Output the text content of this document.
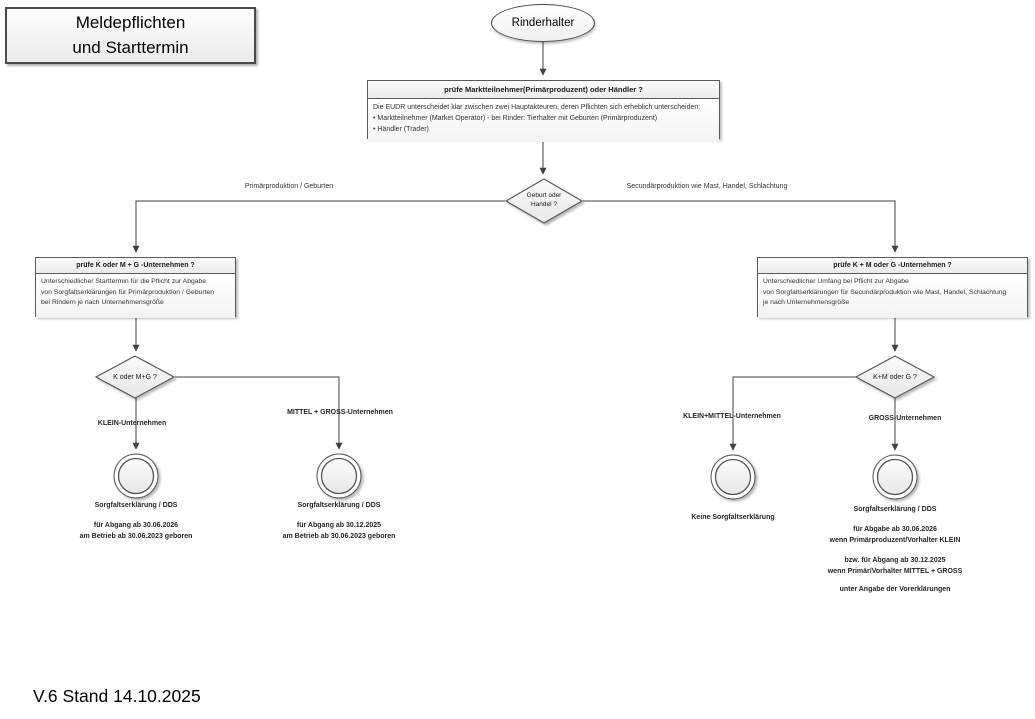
Meldepflichten
und Starttermin
Rinderhalter
prüfe Marktteilnehmer(Primärproduzent) oder Händler ?
Die EUDR unterscheidet klar zwischen zwei Hauptakteuren, deren Pflichten sich erheblich unterscheiden:
• Marktteilnehmer (Market Operator) - bei Rinder: Tierhalter mit Geburten (Primärproduzent)
• Händler (Trader)
Geburt oder
Handel ?
Primärproduktion / Geburten	Secundärproduktion wie Mast, Handel, Schlachtung
prüfe K oder M + G -Unternehmen ?
Unterschiedlicher Starttermin für die Pflicht zur Abgabe
von Sorgfaltserklärungen für Primärproduktion / Geburten
bei Rindern je nach Unternehmensgröße
prüfe K + M oder G -Unternehmen ?
Unterschiedlicher Umfang bei Pflicht zur Abgabe
von Sorgfaltserklärungen für Secundärproduktion wie Mast, Handel, Schlachtung
je nach Unternehmensgröße
K oder M+G ?	K+M oder G ?
KLEIN-Unternehmen
MITTEL + GROSS-Unternehmen
KLEIN+MITTEL-Unternehmen	GROSS-Unternehmen
Sorgfaltserklärung / DDS
für Abgang ab 30.06.2026
am Betrieb ab 30.06.2023 geboren
Sorgfaltserklärung / DDS
für Abgang ab 30.12.2025
am Betrieb ab 30.06.2023 geboren
Keine Sorgfaltserklärung
Sorgfaltserklärung / DDS
für Abgabe ab 30.06.2026
wenn Primärproduzent/Vorhalter KLEIN
bzw. für Abgang ab 30.12.2025
wenn Primär/Vorhalter MITTEL + GROSS
unter Angabe der Vorerklärungen
V.6 Stand 14.10.2025
